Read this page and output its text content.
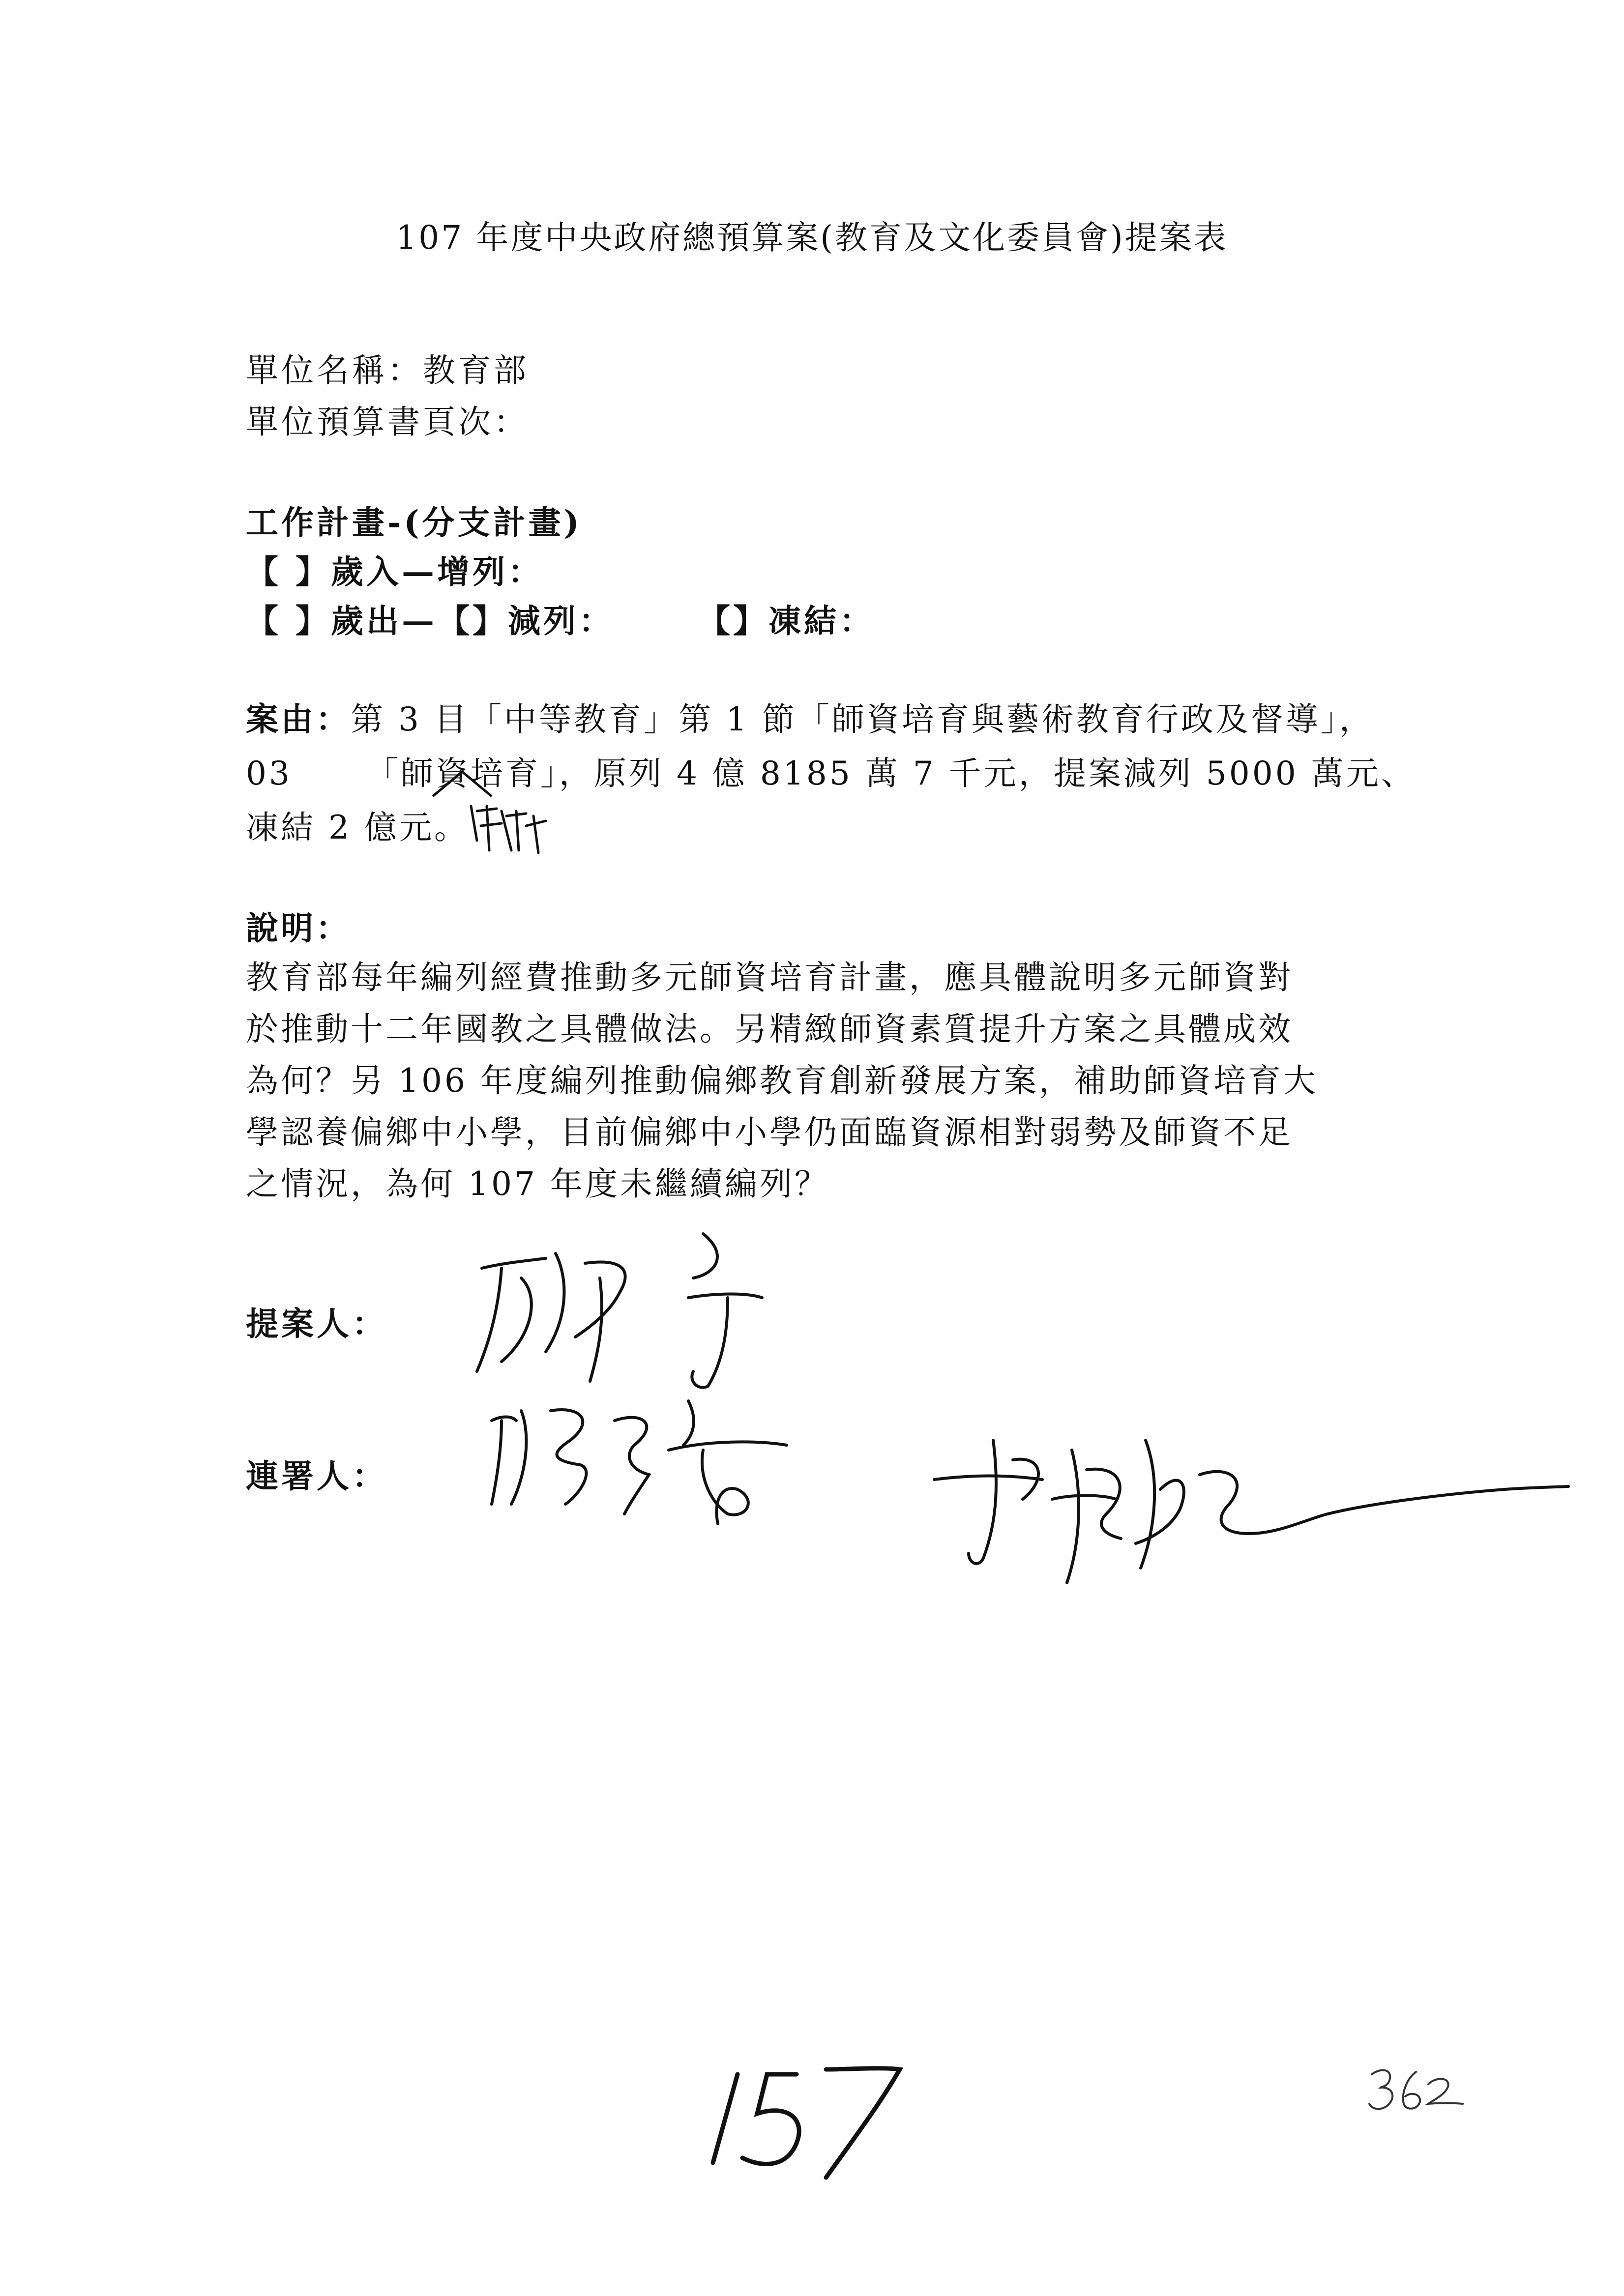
107 年度中央政府總預算案(教育及文化委員會)提案表
單位名稱：教育部
單位預算書頁次：
工作計畫-(分支計畫)
【 】歲入—增列：
【 】歲出—【】減列：	【】凍結：
案由：第 3 目「中等教育」第 1 節「師資培育與藝術教育行政及督導」，
03 「師資培育」，原列 4 億 8185 萬 7 千元，提案減列 5000 萬元、
凍結 2 億元。
說明：
教育部每年編列經費推動多元師資培育計畫，應具體說明多元師資對
於推動十二年國教之具體做法。另精緻師資素質提升方案之具體成效
為何？另 106 年度編列推動偏鄉教育創新發展方案，補助師資培育大
學認養偏鄉中小學，目前偏鄉中小學仍面臨資源相對弱勢及師資不足
之情況，為何 107 年度未繼續編列？
提案人：
連署人：
